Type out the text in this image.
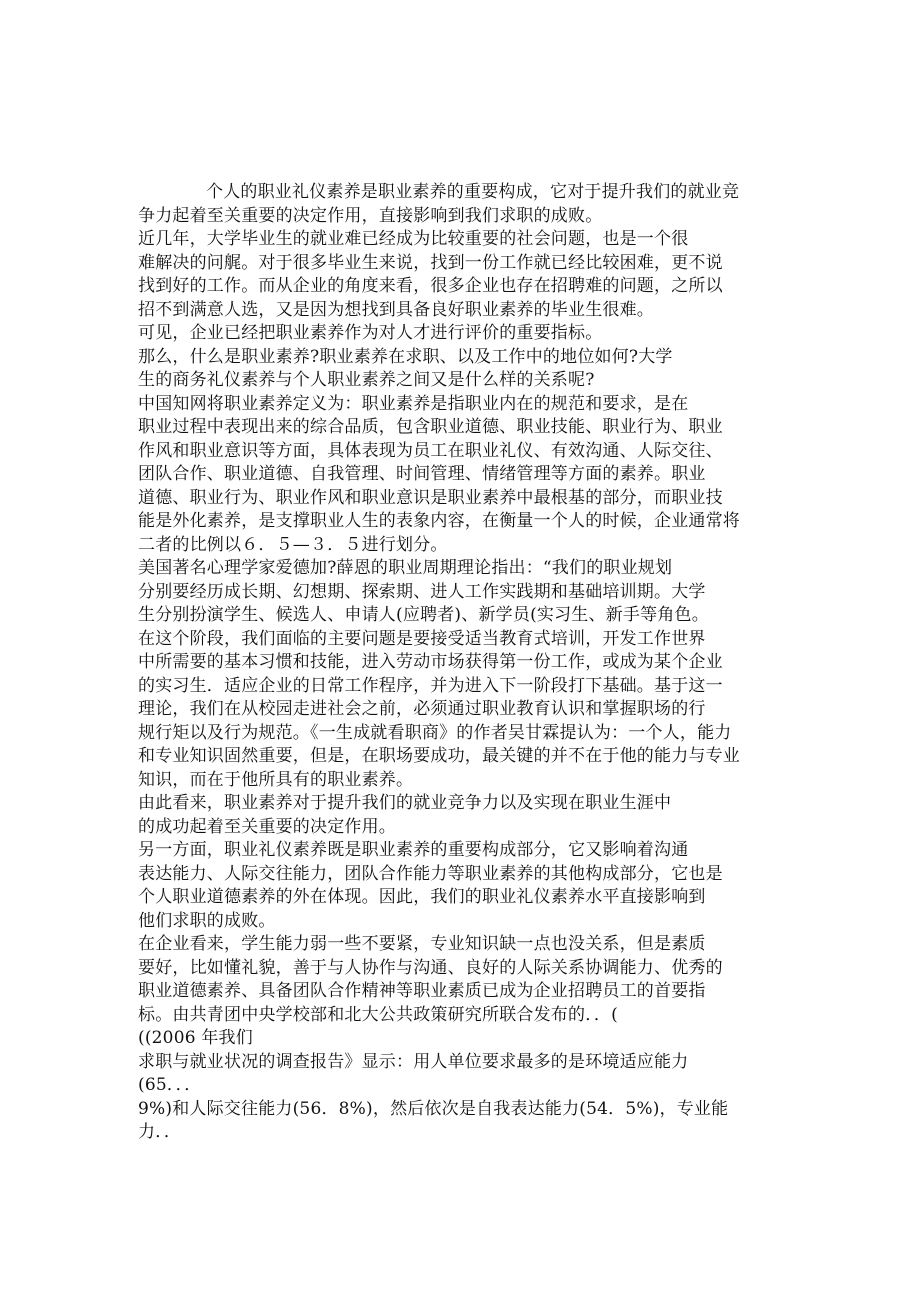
个人的职业礼仪素养是职业素养的重要构成，它对于提升我们的就业竞
争力起着至关重要的决定作用，直接影响到我们求职的成败。
近几年，大学毕业生的就业难已经成为比较重要的社会问题，也是一个很
难解决的问艉。对于很多毕业生来说，找到一份工作就已经比较困难，更不说
找到好的工作。而从企业的角度来看，很多企业也存在招聘难的问题，之所以
招不到满意人选，又是因为想找到具备良好职业素养的毕业生很难。
可见，企业已经把职业素养作为对人才进行评价的重要指标。
那么，什么是职业素养?职业素养在求职、以及工作中的地位如何?大学
生的商务礼仪素养与个人职业素养之间又是什么样的关系呢?
中国知网将职业素养定义为：职业素养是指职业内在的规范和要求，是在
职业过程中表现出来的综合品质，包含职业道德、职业技能、职业行为、职业
作风和职业意识等方面，具体表现为员工在职业礼仪、有效沟通、人际交往、
团队合作、职业道德、自我管理、时间管理、情绪管理等方面的素养。职业
道德、职业行为、职业作风和职业意识是职业素养中最根基的部分，而职业技
能是外化素养，是支撑职业人生的表象内容，在衡量一个人的时候，企业通常将
二者的比例以６．５—３．５进行划分。
美国著名心理学家爱德加?薛恩的职业周期理论指出：“我们的职业规划
分别要经历成长期、幻想期、探索期、进人工作实践期和基础培训期。大学
生分别扮演学生、候选人、申请人(应聘者)、新学员(实习生、新手等角色。
在这个阶段，我们面临的主要问题是要接受适当教育式培训，开发工作世界
中所需要的基本习惯和技能，进入劳动市场获得第一份工作，或成为某个企业
的实习生．适应企业的日常工作程序，并为进入下一阶段打下基础。基于这一
理论，我们在从校园走进社会之前，必须通过职业教育认识和掌握职场的行
规行矩以及行为规范。《一生成就看职商》的作者吴甘霖提认为：一个人，能力
和专业知识固然重要，但是，在职场要成功，最关键的并不在于他的能力与专业
知识，而在于他所具有的职业素养。
由此看来，职业素养对于提升我们的就业竞争力以及实现在职业生涯中
的成功起着至关重要的决定作用。
另一方面，职业礼仪素养既是职业素养的重要构成部分，它又影响着沟通
表达能力、人际交往能力，团队合作能力等职业素养的其他构成部分，它也是
个人职业道德素养的外在体现。因此，我们的职业礼仪素养水平直接影响到
他们求职的成败。
在企业看来，学生能力弱一些不要紧，专业知识缺一点也没关系，但是素质
要好，比如懂礼貌，善于与人协作与沟通、良好的人际关系协调能力、优秀的
职业道德素养、具备团队合作精神等职业素质已成为企业招聘员工的首要指
标。由共青团中央学校部和北大公共政策研究所联合发布的．．(
((2006 年我们
求职与就业状况的调查报告》显示：用人单位要求最多的是环境适应能力
(65．．．
9%)和人际交往能力(56．8%)，然后依次是自我表达能力(54．5%)，专业能
力．．
